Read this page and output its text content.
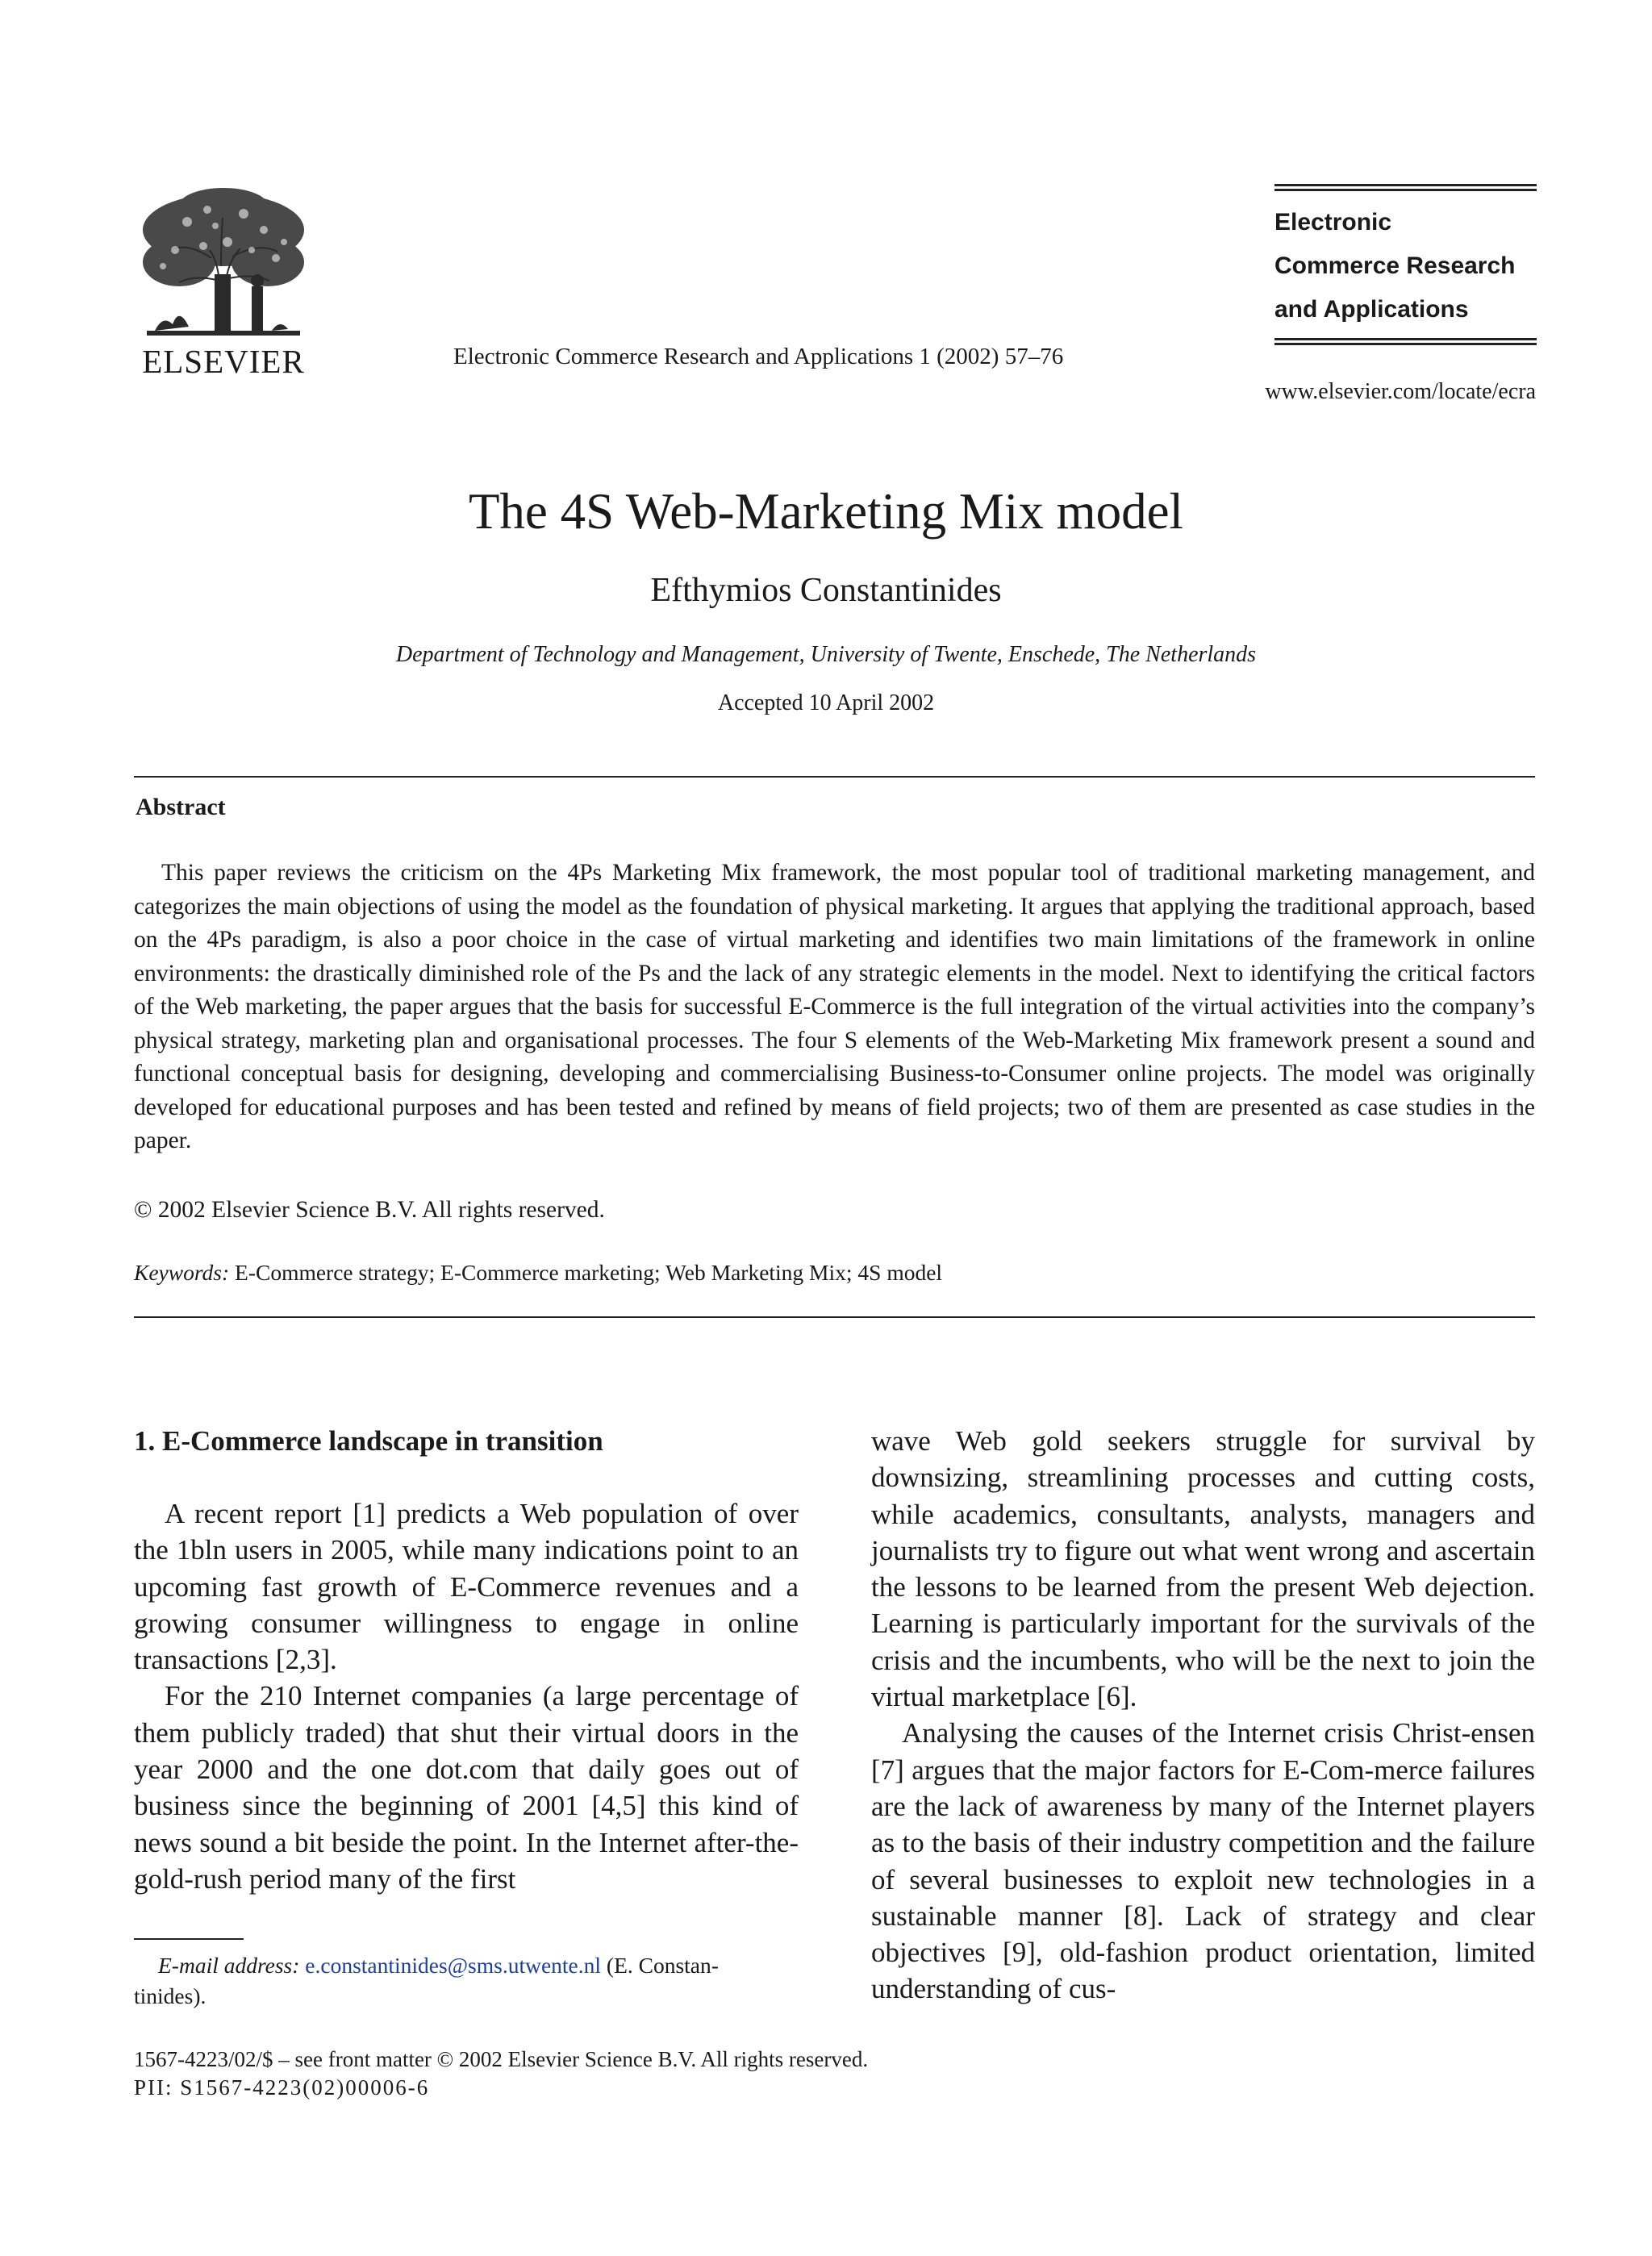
ELSEVIER	Electronic Commerce Research and Applications 1 (2002) 57–76
Electronic
Commerce Research
and Applications
www.elsevier.com/locate/ecra
The 4S Web-Marketing Mix model
Efthymios Constantinides
Department of Technology and Management, University of Twente, Enschede, The Netherlands
Accepted 10 April 2002
Abstract

This paper reviews the criticism on the 4Ps Marketing Mix framework, the most popular tool of traditional marketing management, and categorizes the main objections of using the model as the foundation of physical marketing. It argues that applying the traditional approach, based on the 4Ps paradigm, is also a poor choice in the case of virtual marketing and identifies two main limitations of the framework in online environments: the drastically diminished role of the Ps and the lack of any strategic elements in the model. Next to identifying the critical factors of the Web marketing, the paper argues that the basis for successful E-Commerce is the full integration of the virtual activities into the company’s physical strategy, marketing plan and organisational processes. The four S elements of the Web-Marketing Mix framework present a sound and functional conceptual basis for designing, developing and commercialising Business-to-Consumer online projects. The model was originally developed for educational purposes and has been tested and refined by means of field projects; two of them are presented as case studies in the paper.

© 2002 Elsevier Science B.V. All rights reserved.
Keywords: E-Commerce strategy; E-Commerce marketing; Web Marketing Mix; 4S model
1. E-Commerce landscape in transition

A recent report [1] predicts a Web population of over the 1bln users in 2005, while many indications point to an upcoming fast growth of E-Commerce revenues and a growing consumer willingness to engage in online transactions [2,3].

For the 210 Internet companies (a large percentage of them publicly traded) that shut their virtual doors in the year 2000 and the one dot.com that daily goes out of business since the beginning of 2001 [4,5] this kind of news sound a bit beside the point. In the Internet after-the-gold-rush period many of the first

wave Web gold seekers struggle for survival by downsizing, streamlining processes and cutting costs, while academics, consultants, analysts, managers and journalists try to figure out what went wrong and ascertain the lessons to be learned from the present Web dejection. Learning is particularly important for the survivals of the crisis and the incumbents, who will be the next to join the virtual marketplace [6].

Analysing the causes of the Internet crisis Christ-ensen [7] argues that the major factors for E-Com-merce failures are the lack of awareness by many of the Internet players as to the basis of their industry competition and the failure of several businesses to exploit new technologies in a sustainable manner [8]. Lack of strategy and clear objectives [9], old-fashion product orientation, limited understanding of cus-

E-mail address: e.constantinides@sms.utwente.nl (E. Constan-
tinides).
1567-4223/02/$ – see front matter © 2002 Elsevier Science B.V. All rights reserved.
PII: S1567-4223(02)00006-6
